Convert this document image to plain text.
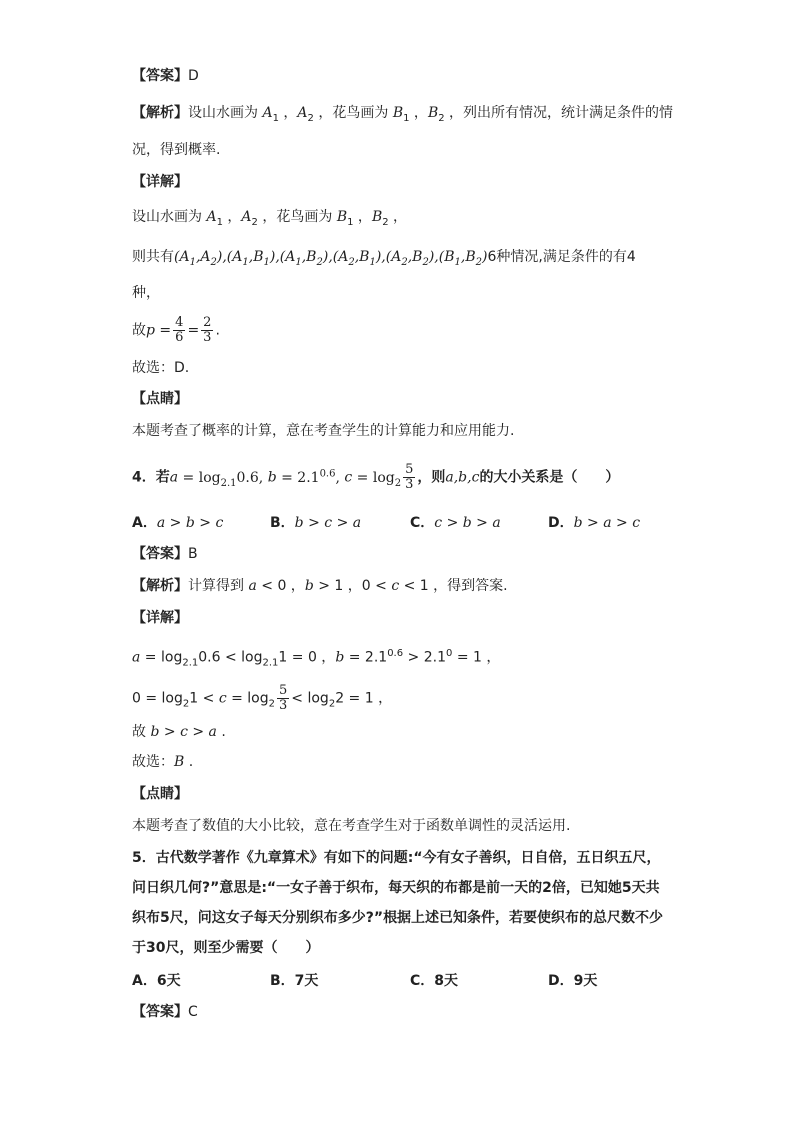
【答案】D
【解析】设山水画为 $A_1$ ，$A_2$ ，花鸟画为 $B_1$ ，$B_2$ ，列出所有情况，统计满足条件的情
况，得到概率.
【详解】
设山水画为 $A_1$ ，$A_2$ ，花鸟画为 $B_1$ ，$B_2$ ，
则共有$(A_1,A_2),(A_1,B_1),(A_1,B_2),(A_2,B_1),(A_2,B_2),(B_1,B_2)6$种情况,满足条件的有4
种，
故$p = \frac{4}{6} = \frac{2}{3}$ .
故选：D.
【点睛】
本题考查了概率的计算，意在考查学生的计算能力和应用能力.
4．若$a = \log_{2.1}0.6$, $b = 2.1^{0.6}$, $c = \log_2 \frac{5}{3}$ ，则a,b,c的大小关系是（　　）
A．a > b > c	B．b > c > a	C．c > b > a	D．b > a > c
【答案】B
【解析】计算得到 a < 0 ，b > 1 ，0 < c < 1 ，得到答案.
【详解】
$a = \log_{2.1}0.6 < \log_{2.1}1 = 0$ ，$b = 2.1^{0.6} > 2.1^0 = 1$ ，
$0 = \log_21 < c = \log_2 \frac{5}{3} < \log_22 = 1$ ，
故 b > c > a .
故选：B .
【点睛】
本题考查了数值的大小比较，意在考查学生对于函数单调性的灵活运用.
5．古代数学著作《九章算术》有如下的问题:“今有女子善织，日自倍，五日织五尺，
问日织几何?”意思是:“一女子善于织布，每天织的布都是前一天的2倍，已知她5天共
织布5尺，问这女子每天分别织布多少?”根据上述已知条件，若要使织布的总尺数不少
于30尺，则至少需要（　　）
A．6天	B．7天	C．8天	D．9天
【答案】C
